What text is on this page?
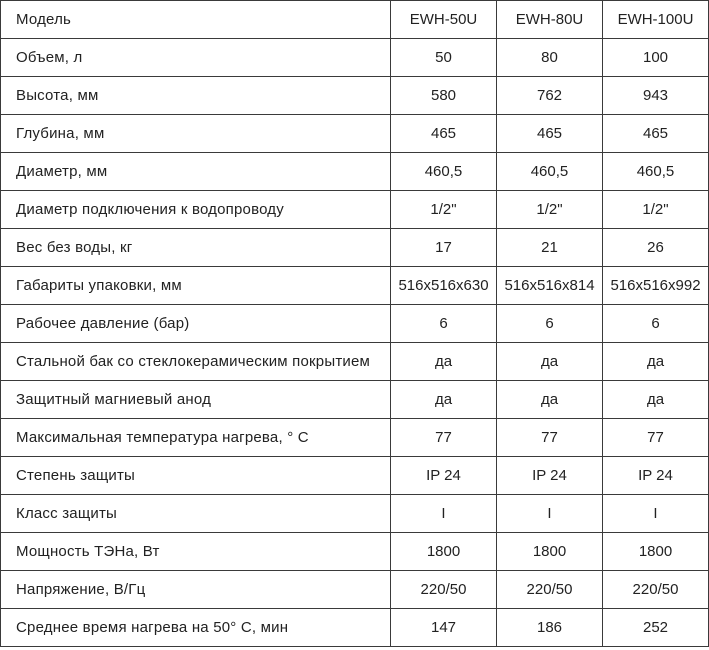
Модель	EWH-50U	EWH-80U	EWH-100U
Объем, л	50	80	100
Высота, мм	580	762	943
Глубина, мм	465	465	465
Диаметр, мм	460,5	460,5	460,5
Диаметр подключения к водопроводу	1/2"	1/2"	1/2"
Вес без воды, кг	17	21	26
Габариты упаковки, мм	516x516x630	516x516x814	516x516x992
Рабочее давление (бар)	6	6	6
Стальной бак со стеклокерамическим покрытием	да	да	да
Защитный магниевый анод	да	да	да
Максимальная температура нагрева, ° С	77	77	77
Степень защиты	IP 24	IP 24	IP 24
Класс защиты	I	I	I
Мощность ТЭНа, Вт	1800	1800	1800
Напряжение, В/Гц	220/50	220/50	220/50
Среднее время нагрева на 50° С, мин	147	186	252
